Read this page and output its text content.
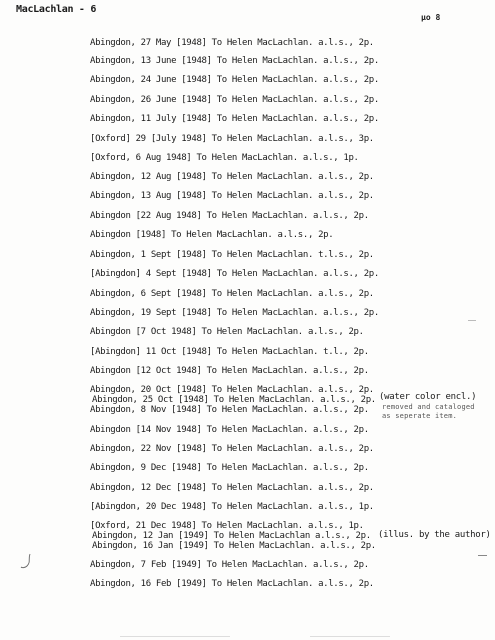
MacLachlan - 6
μο 8
Abingdon, 27 May [1948] To Helen MacLachlan. a.l.s., 2p.
Abingdon, 13 June [1948] To Helen MacLachlan. a.l.s., 2p.
Abingdon, 24 June [1948] To Helen MacLachlan. a.l.s., 2p.
Abingdon, 26 June [1948] To Helen MacLachlan. a.l.s., 2p.
Abingdon, 11 July [1948] To Helen MacLachlan. a.l.s., 2p.
[Oxford] 29 [July 1948] To Helen MacLachlan. a.l.s., 3p.
[Oxford, 6 Aug 1948] To Helen MacLachlan. a.l.s., 1p.
Abingdon, 12 Aug [1948] To Helen MacLachlan. a.l.s., 2p.
Abingdon, 13 Aug [1948] To Helen MacLachlan. a.l.s., 2p.
Abingdon [22 Aug 1948] To Helen MacLachlan. a.l.s., 2p.
Abingdon [1948] To Helen MacLachlan. a.l.s., 2p.
Abingdon, 1 Sept [1948] To Helen MacLachlan. t.l.s., 2p.
[Abingdon] 4 Sept [1948] To Helen MacLachlan. a.l.s., 2p.
Abingdon, 6 Sept [1948] To Helen MacLachlan. a.l.s., 2p.
Abingdon, 19 Sept [1948] To Helen MacLachlan. a.l.s., 2p.
Abingdon [7 Oct 1948] To Helen MacLachlan. a.l.s., 2p.
[Abingdon] 11 Oct [1948] To Helen MacLachlan. t.l., 2p.
Abingdon [12 Oct 1948] To Helen MacLachlan. a.l.s., 2p.
Abingdon, 20 Oct [1948] To Helen MacLachlan. a.l.s., 2p.
Abingdon, 25 Oct [1948] To Helen MacLachlan. a.l.s., 2p.
Abingdon, 8 Nov [1948] To Helen MacLachlan. a.l.s., 2p.
Abingdon [14 Nov 1948] To Helen MacLachlan. a.l.s., 2p.
Abingdon, 22 Nov [1948] To Helen MacLachlan. a.l.s., 2p.
Abingdon, 9 Dec [1948] To Helen MacLachlan. a.l.s., 2p.
Abingdon, 12 Dec [1948] To Helen MacLachlan. a.l.s., 2p.
[Abingdon, 20 Dec 1948] To Helen MacLachlan. a.l.s., 1p.
[Oxford, 21 Dec 1948] To Helen MacLachlan. a.l.s., 1p.
Abingdon, 12 Jan [1949] To Helen MacLachlan a.l.s., 2p.
Abingdon, 16 Jan [1949] To Helen MacLachlan. a.l.s., 2p.
Abingdon, 7 Feb [1949] To Helen MacLachlan. a.l.s., 2p.
Abingdon, 16 Feb [1949] To Helen MacLachlan. a.l.s., 2p.
(water color encl.)
removed and cataloged
as seperate item.
(illus. by the author)
